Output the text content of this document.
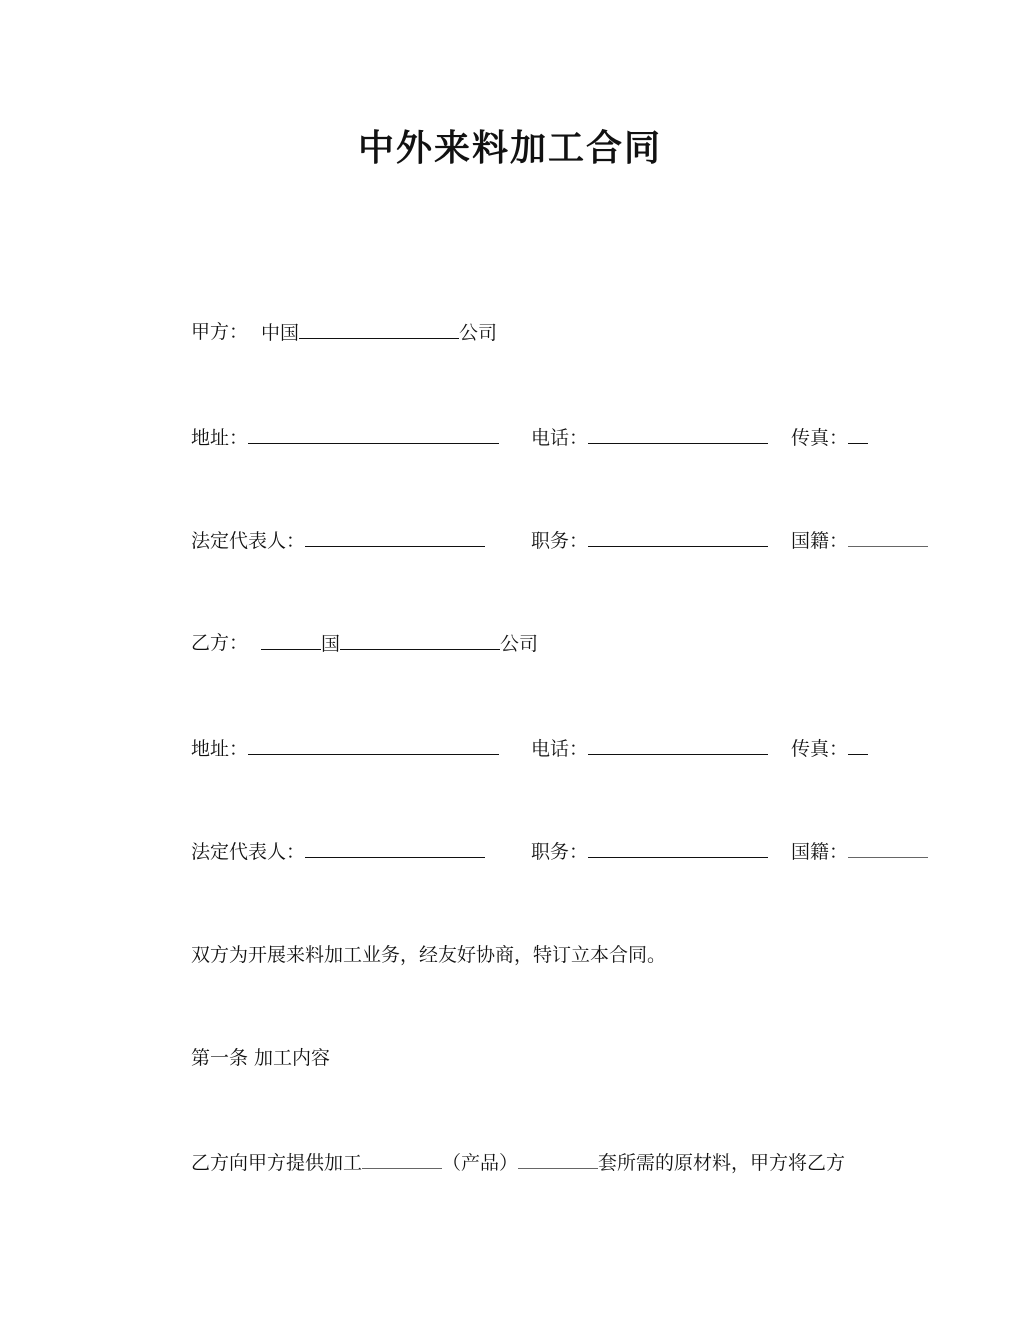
中外来料加工合同
甲方： 中国	公司
地址：	电话：	传真：
法定代表人：	职务：	国籍：
乙方：	国	公司
地址：	电话：	传真：
法定代表人：	职务：	国籍：
双方为开展来料加工业务，经友好协商，特订立本合同。
第一条 加工内容
乙方向甲方提供加工	（产品）	套所需的原材料，甲方将乙方
